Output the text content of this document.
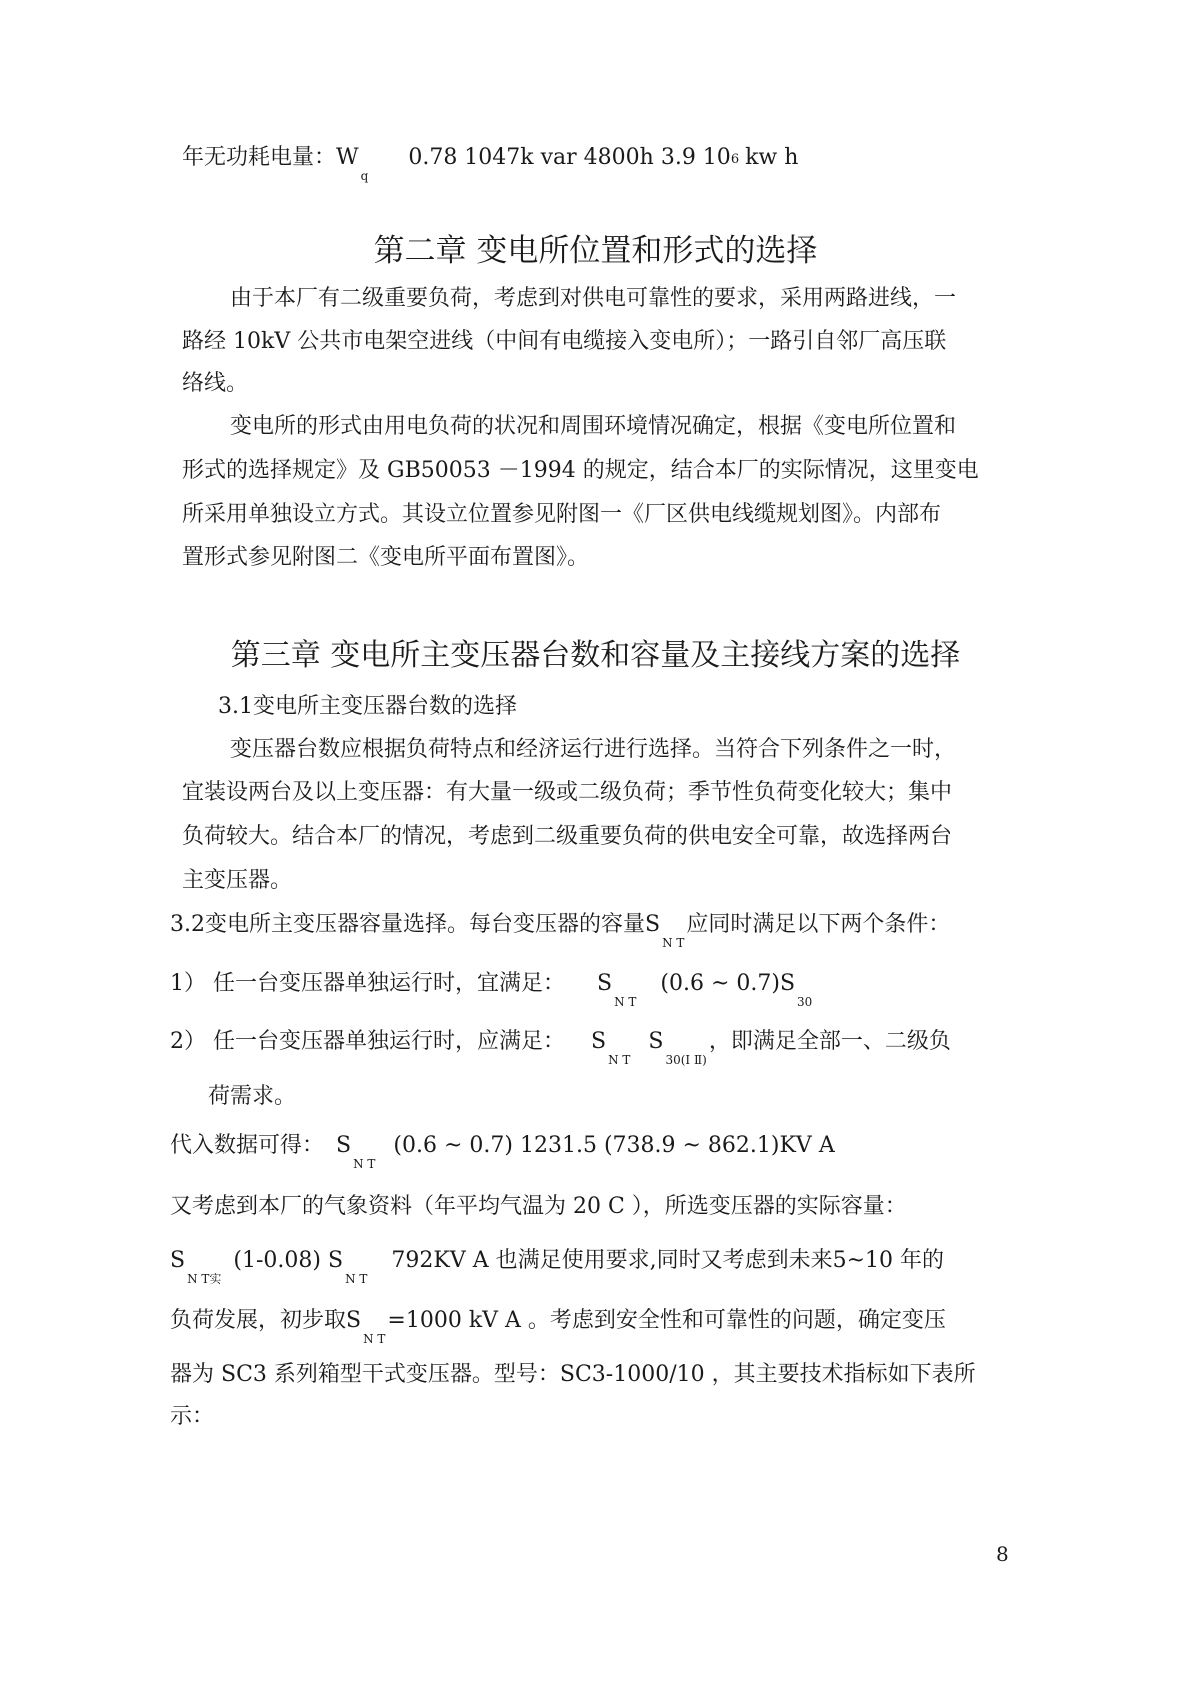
年无功耗电量：$W_q0.78$ 1047k var 4800h 3.9 106 kw h
第二章 变电所位置和形式的选择
由于本厂有二级重要负荷，考虑到对供电可靠性的要求，采用两路进线，一
路经 10kV 公共市电架空进线（中间有电缆接入变电所）；一路引自邻厂高压联
络线。
变电所的形式由用电负荷的状况和周围环境情况确定，根据《变电所位置和
形式的选择规定》及 GB50053 －1994 的规定，结合本厂的实际情况，这里变电
所采用单独设立方式。其设立位置参见附图一《厂区供电线缆规划图》。内部布
置形式参见附图二《变电所平面布置图》。
第三章 变电所主变压器台数和容量及主接线方案的选择
3.1变电所主变压器台数的选择
变压器台数应根据负荷特点和经济运行进行选择。当符合下列条件之一时，
宜装设两台及以上变压器：有大量一级或二级负荷；季节性负荷变化较大；集中
负荷较大。结合本厂的情况，考虑到二级重要负荷的供电安全可靠，故选择两台
主变压器。
3.2变电所主变压器容量选择。每台变压器的容量$S_{N T}$应同时满足以下两个条件：
1） 任一台变压器单独运行时，宜满足： $S_{N T}(0.6$ ~ $0.7)S_{30}$
2） 任一台变压器单独运行时，应满足： $S_{N T}S_{30(Ⅰ Ⅱ)}$，即满足全部一、二级负
荷需求。
代入数据可得： $S_{N T}(0.6$ ~ 0.7) 1231.5 (738.9 ~ 862.1)KV A
又考虑到本厂的气象资料（年平均气温为 20 C ），所选变压器的实际容量：
$S_{N T实}(1-0.08)$ $S_{N T}792KV$ A 也满足使用要求,同时又考虑到未来5~10 年的
负荷发展，初步取$S_{N T}=1000$ kV A 。考虑到安全性和可靠性的问题，确定变压
器为 SC3 系列箱型干式变压器。型号：SC3-1000/10 ，其主要技术指标如下表所
示：
8
